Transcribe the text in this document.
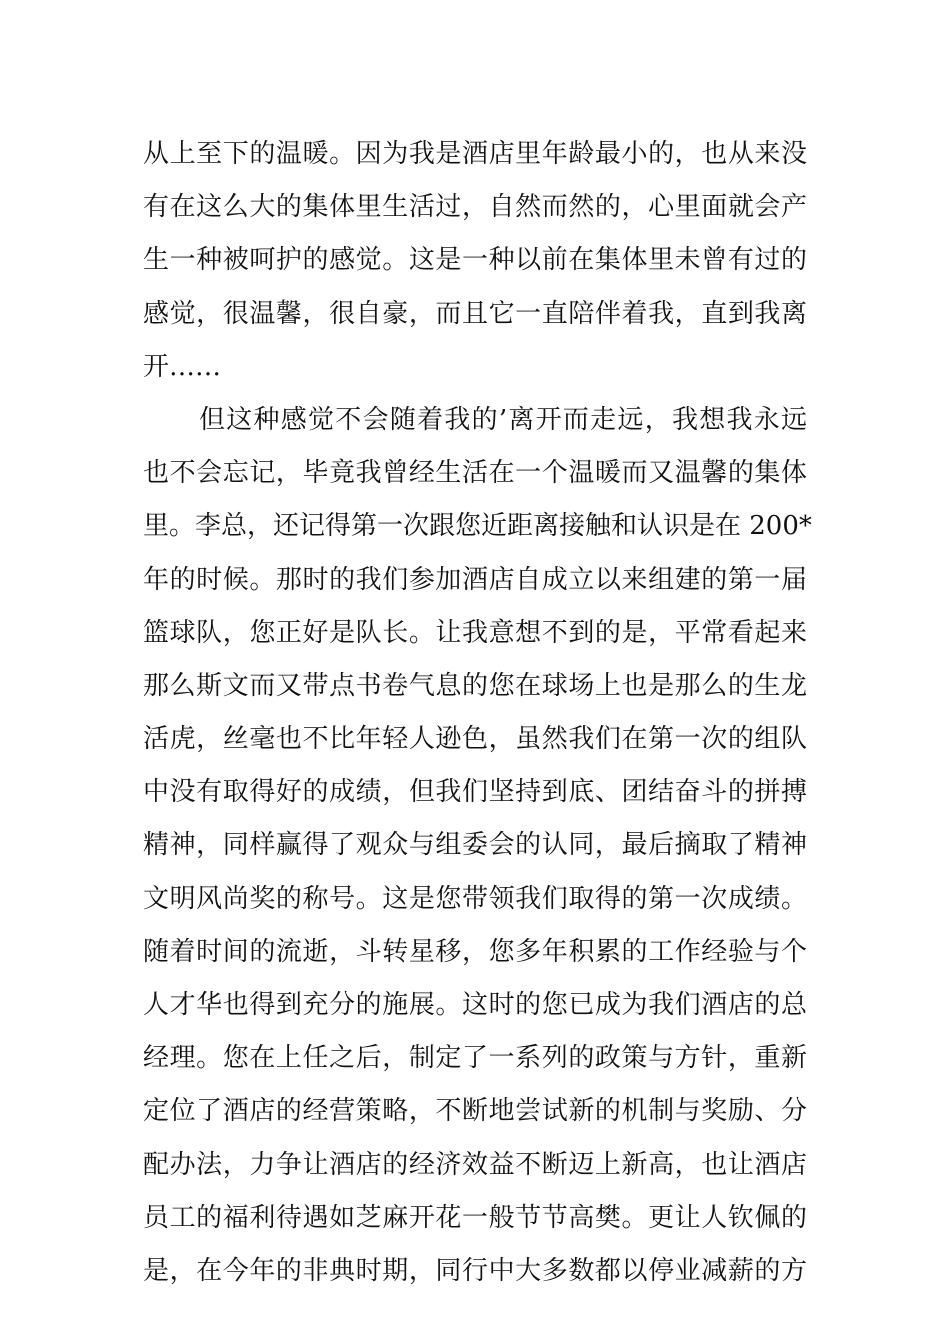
从上至下的温暖。因为我是酒店里年龄最小的，也从来没
有在这么大的集体里生活过，自然而然的，心里面就会产
生一种被呵护的感觉。这是一种以前在集体里未曾有过的
感觉，很温馨，很自豪，而且它一直陪伴着我，直到我离
开……
但这种感觉不会随着我的’离开而走远，我想我永远
也不会忘记，毕竟我曾经生活在一个温暖而又温馨的集体
里。李总，还记得第一次跟您近距离接触和认识是在 200*
年的时候。那时的我们参加酒店自成立以来组建的第一届
篮球队，您正好是队长。让我意想不到的是，平常看起来
那么斯文而又带点书卷气息的您在球场上也是那么的生龙
活虎，丝毫也不比年轻人逊色，虽然我们在第一次的组队
中没有取得好的成绩，但我们坚持到底、团结奋斗的拼搏
精神，同样赢得了观众与组委会的认同，最后摘取了精神
文明风尚奖的称号。这是您带领我们取得的第一次成绩。
随着时间的流逝，斗转星移，您多年积累的工作经验与个
人才华也得到充分的施展。这时的您已成为我们酒店的总
经理。您在上任之后，制定了一系列的政策与方针，重新
定位了酒店的经营策略，不断地尝试新的机制与奖励、分
配办法，力争让酒店的经济效益不断迈上新高，也让酒店
员工的福利待遇如芝麻开花一般节节高樊。更让人钦佩的
是，在今年的非典时期，同行中大多数都以停业减薪的方
